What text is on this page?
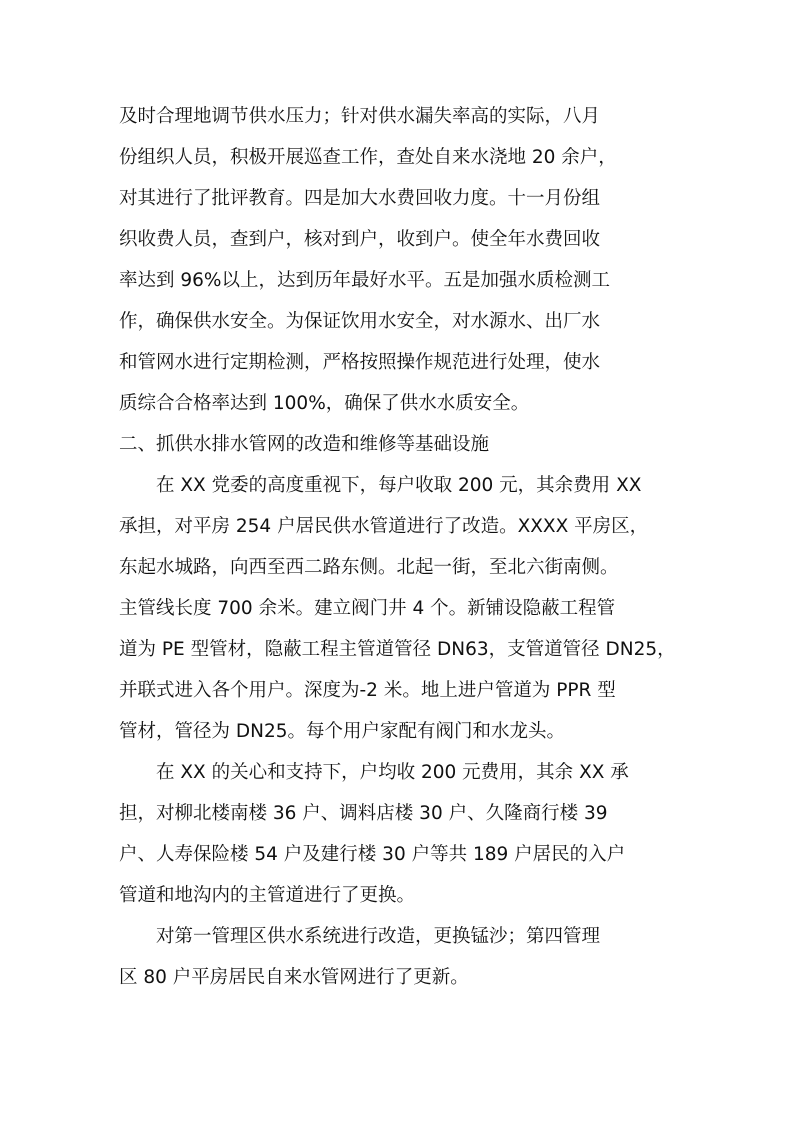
及时合理地调节供水压力；针对供水漏失率高的实际，八月
份组织人员，积极开展巡查工作，查处自来水浇地 20 余户，
对其进行了批评教育。四是加大水费回收力度。十一月份组
织收费人员，查到户，核对到户，收到户。使全年水费回收
率达到 96%以上，达到历年最好水平。五是加强水质检测工
作，确保供水安全。为保证饮用水安全，对水源水、出厂水
和管网水进行定期检测，严格按照操作规范进行处理，使水
质综合合格率达到 100%，确保了供水水质安全。
二、抓供水排水管网的改造和维修等基础设施
在 XX 党委的高度重视下，每户收取 200 元，其余费用 XX
承担，对平房 254 户居民供水管道进行了改造。XXXX 平房区，
东起水城路，向西至西二路东侧。北起一街，至北六街南侧。
主管线长度 700 余米。建立阀门井 4 个。新铺设隐蔽工程管
道为 PE 型管材，隐蔽工程主管道管径 DN63，支管道管径 DN25，
并联式进入各个用户。深度为-2 米。地上进户管道为 PPR 型
管材，管径为 DN25。每个用户家配有阀门和水龙头。
在 XX 的关心和支持下，户均收 200 元费用，其余 XX 承
担，对柳北楼南楼 36 户、调料店楼 30 户、久隆商行楼 39
户、人寿保险楼 54 户及建行楼 30 户等共 189 户居民的入户
管道和地沟内的主管道进行了更换。
对第一管理区供水系统进行改造，更换锰沙；第四管理
区 80 户平房居民自来水管网进行了更新。
